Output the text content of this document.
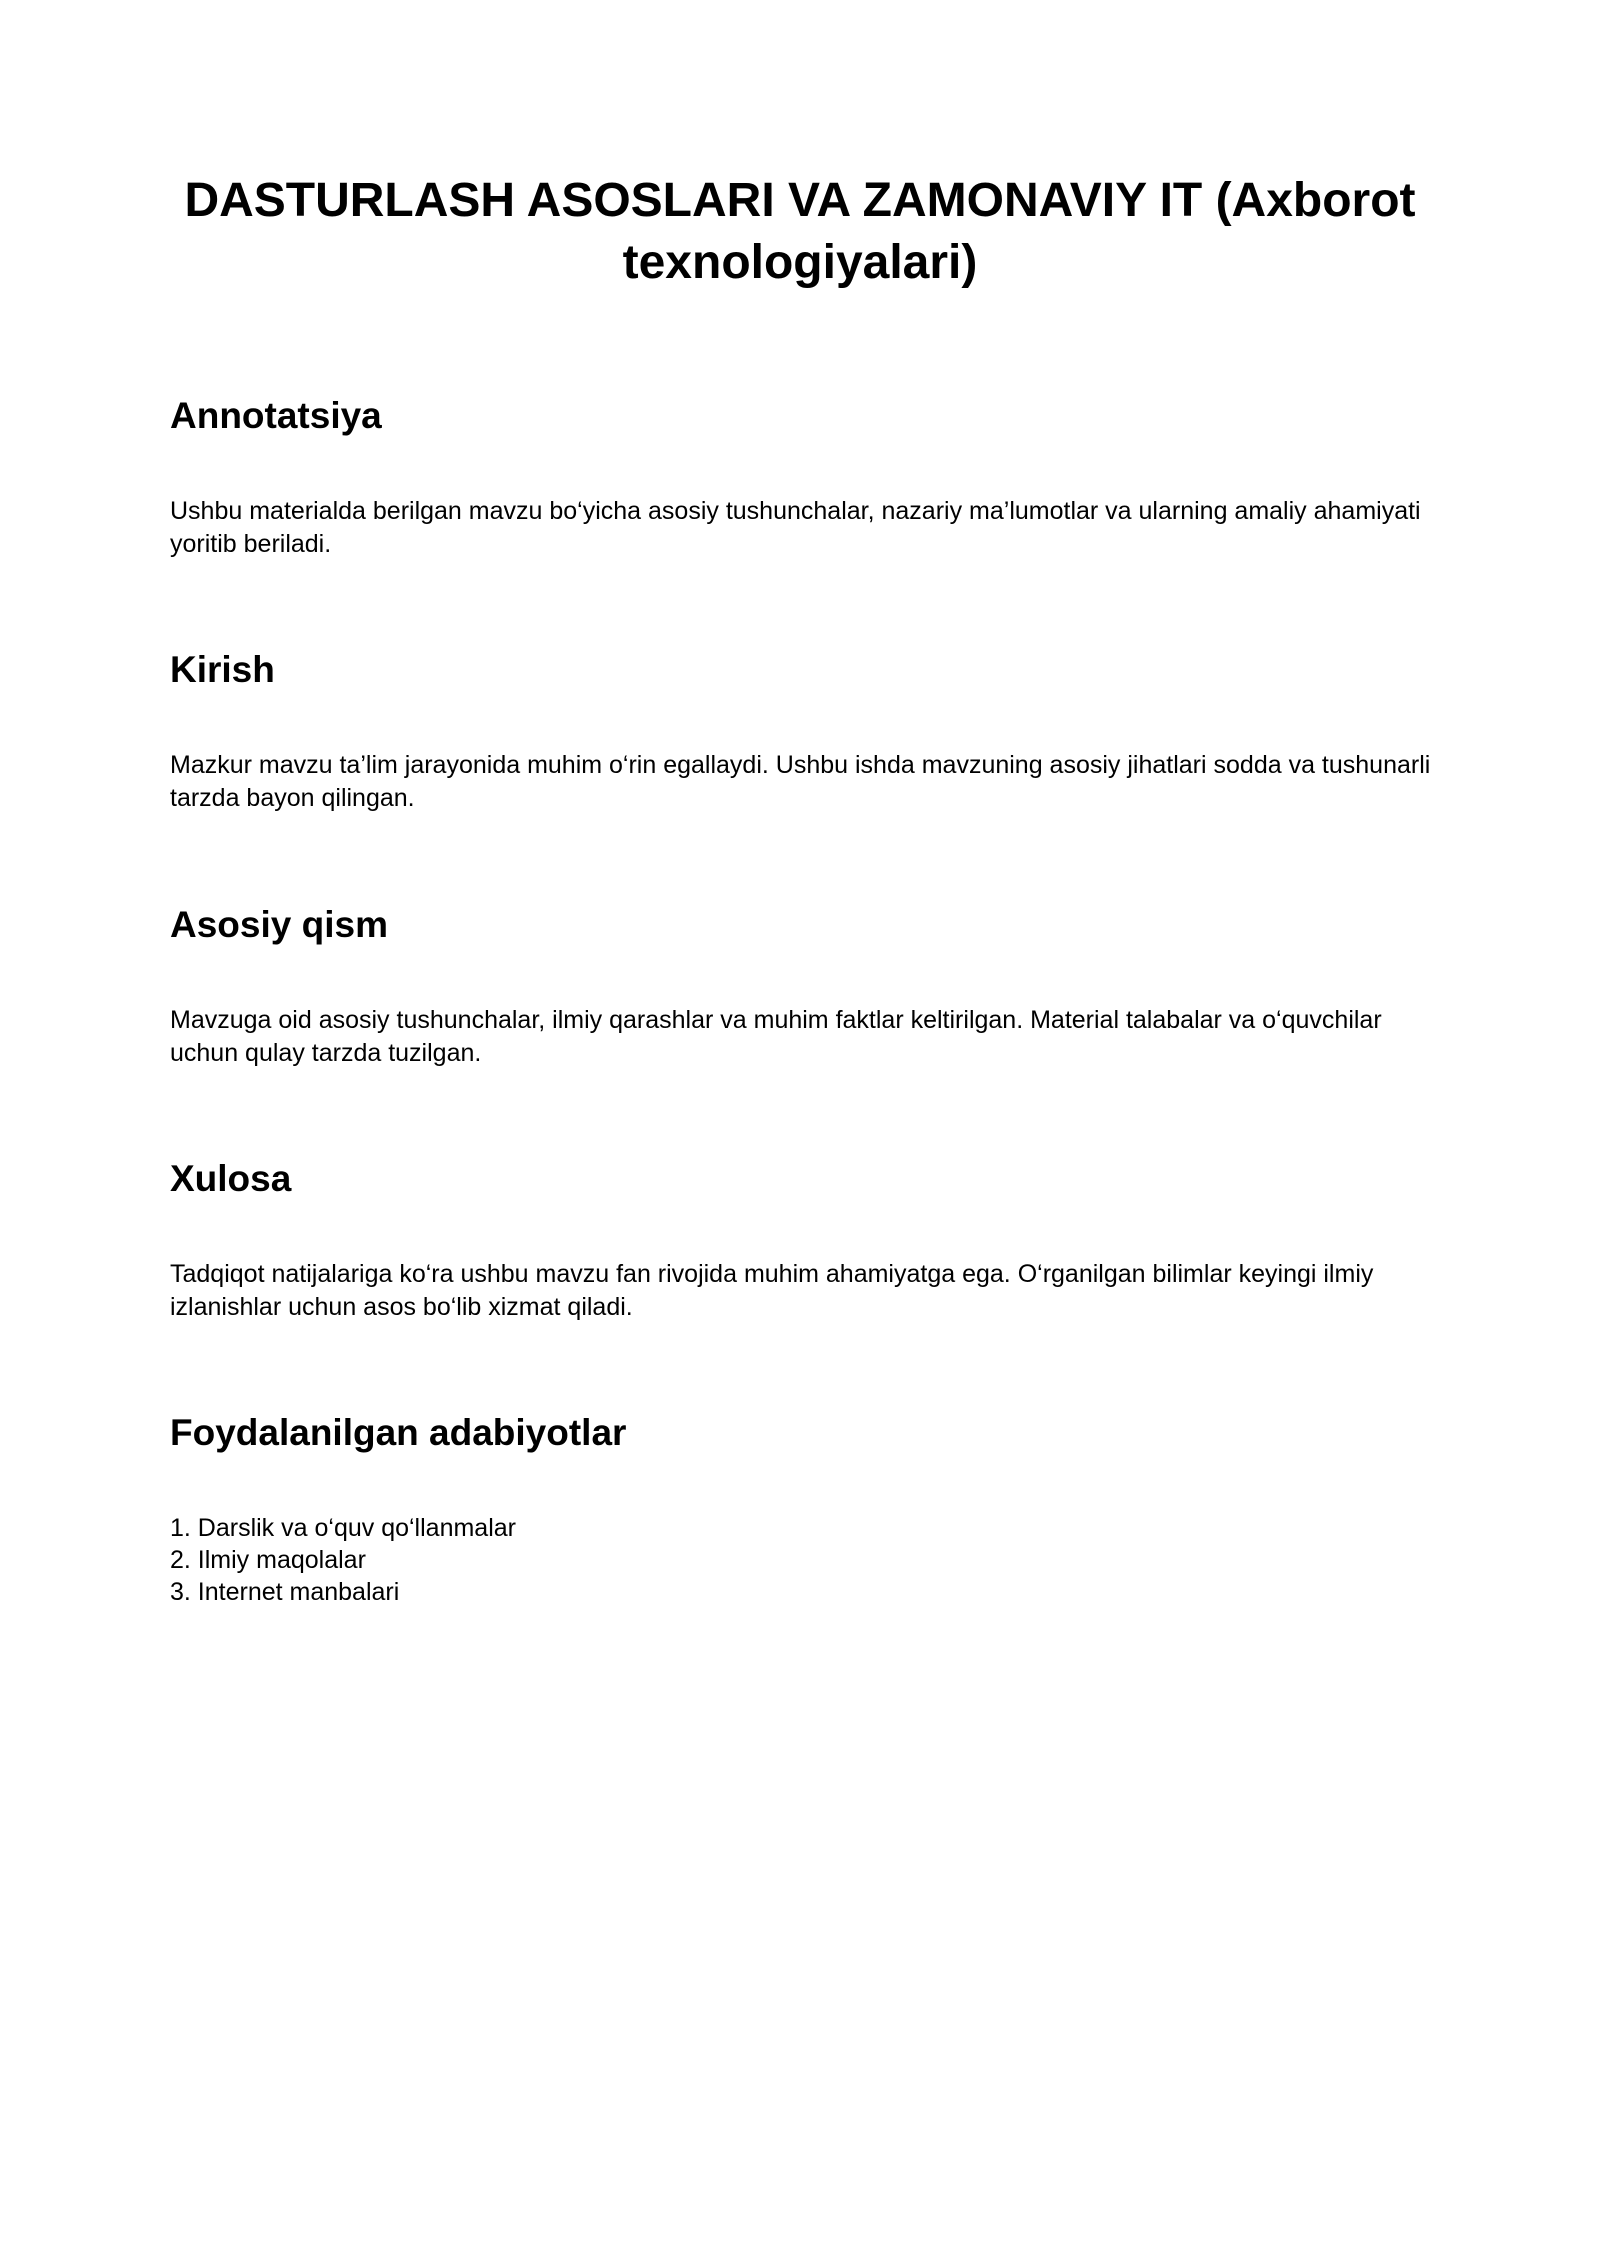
DASTURLASH ASOSLARI VA ZAMONAVIY IT (Axborot texnologiyalari)
Annotatsiya

Ushbu materialda berilgan mavzu bo‘yicha asosiy tushunchalar, nazariy ma’lumotlar va ularning amaliy ahamiyati yoritib beriladi.

Kirish

Mazkur mavzu ta’lim jarayonida muhim o‘rin egallaydi. Ushbu ishda mavzuning asosiy jihatlari sodda va tushunarli tarzda bayon qilingan.

Asosiy qism

Mavzuga oid asosiy tushunchalar, ilmiy qarashlar va muhim faktlar keltirilgan. Material talabalar va o‘quvchilar uchun qulay tarzda tuzilgan.

Xulosa

Tadqiqot natijalariga ko‘ra ushbu mavzu fan rivojida muhim ahamiyatga ega. O‘rganilgan bilimlar keyingi ilmiy izlanishlar uchun asos bo‘lib xizmat qiladi.

Foydalanilgan adabiyotlar
1. Darslik va o‘quv qo‘llanmalar
2. Ilmiy maqolalar
3. Internet manbalari
